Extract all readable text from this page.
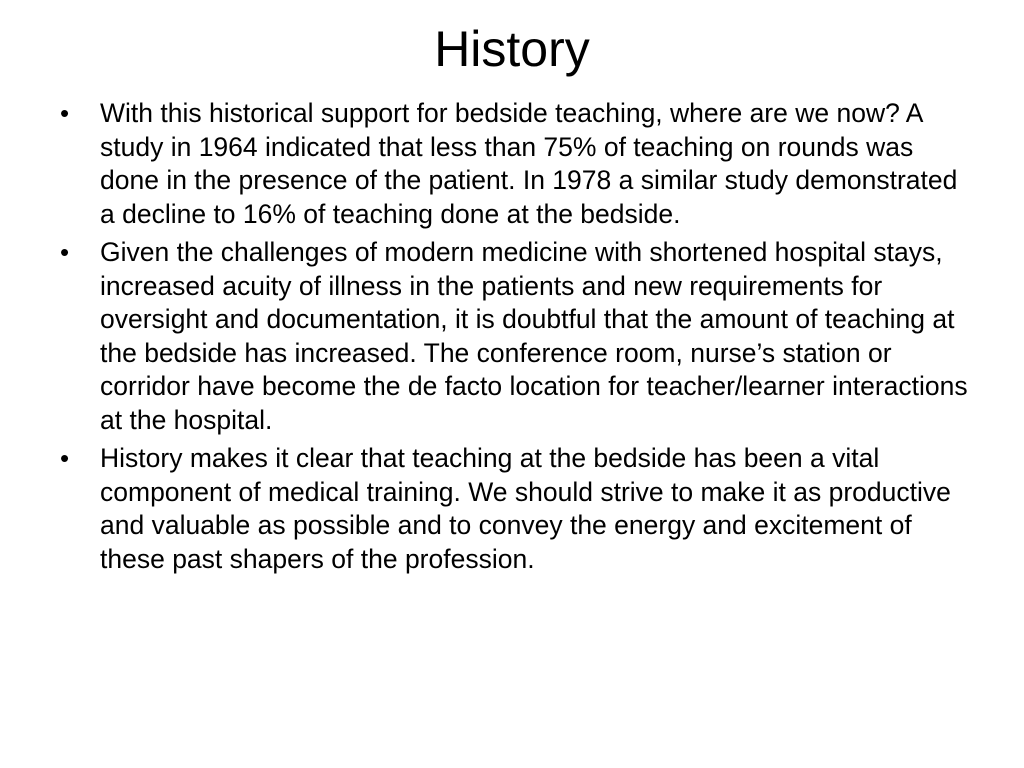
History
• With this historical support for bedside teaching, where are we now? A study in 1964 indicated that less than 75% of teaching on rounds was done in the presence of the patient. In 1978 a similar study demonstrated a decline to 16% of teaching done at the bedside.
• Given the challenges of modern medicine with shortened hospital stays, increased acuity of illness in the patients and new requirements for oversight and documentation, it is doubtful that the amount of teaching at the bedside has increased. The conference room, nurse’s station or corridor have become the de facto location for teacher/learner interactions at the hospital.
• History makes it clear that teaching at the bedside has been a vital component of medical training. We should strive to make it as productive and valuable as possible and to convey the energy and excitement of these past shapers of the profession.
